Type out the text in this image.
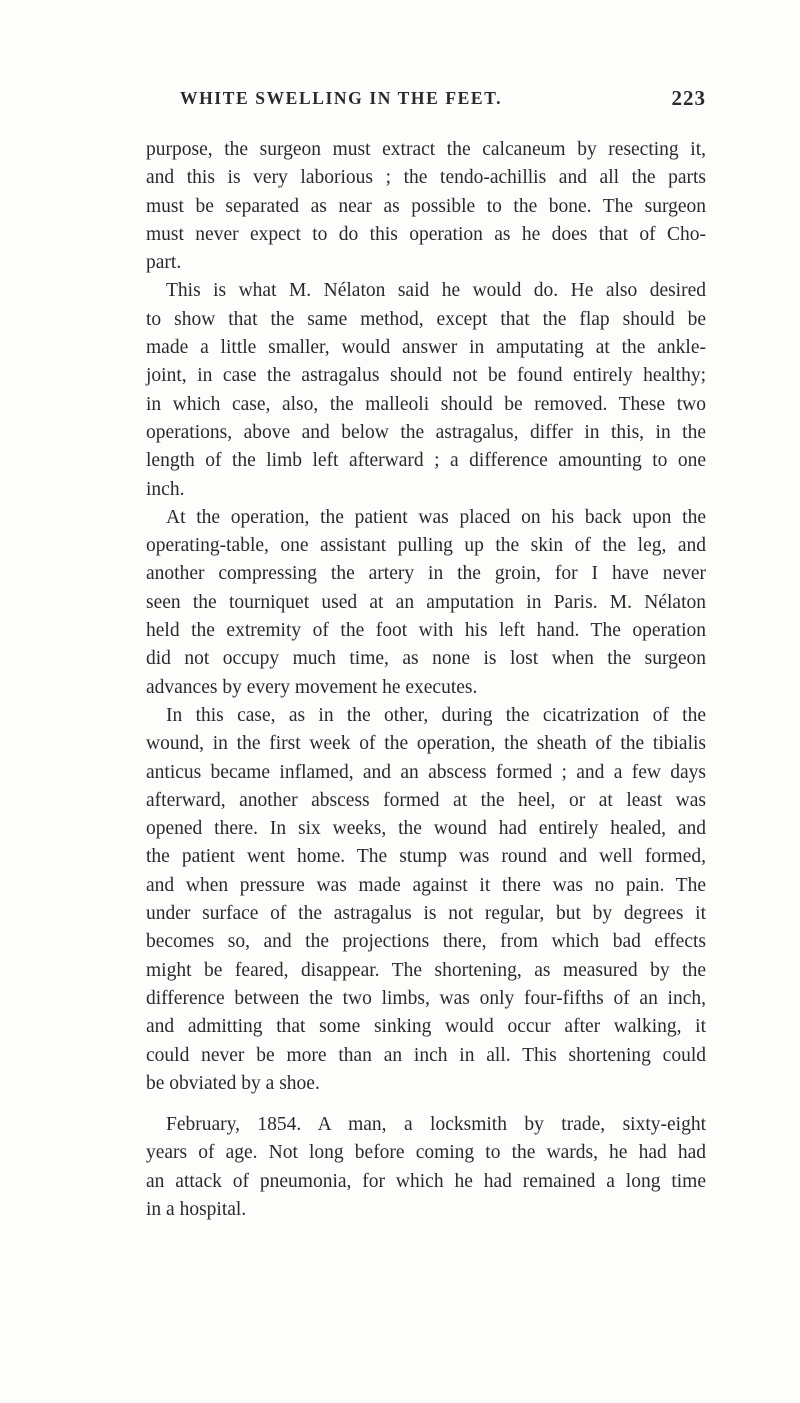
WHITE SWELLING IN THE FEET.	223
purpose, the surgeon must extract the calcaneum by resecting it,
and this is very laborious ; the tendo-achillis and all the parts
must be separated as near as possible to the bone. The surgeon
must never expect to do this operation as he does that of Cho-
part.
This is what M. Nélaton said he would do. He also desired
to show that the same method, except that the flap should be
made a little smaller, would answer in amputating at the ankle-
joint, in case the astragalus should not be found entirely healthy;
in which case, also, the malleoli should be removed. These two
operations, above and below the astragalus, differ in this, in the
length of the limb left afterward ; a difference amounting to one
inch.
At the operation, the patient was placed on his back upon the
operating-table, one assistant pulling up the skin of the leg, and
another compressing the artery in the groin, for I have never
seen the tourniquet used at an amputation in Paris. M. Nélaton
held the extremity of the foot with his left hand. The operation
did not occupy much time, as none is lost when the surgeon
advances by every movement he executes.
In this case, as in the other, during the cicatrization of the
wound, in the first week of the operation, the sheath of the tibialis
anticus became inflamed, and an abscess formed ; and a few days
afterward, another abscess formed at the heel, or at least was
opened there. In six weeks, the wound had entirely healed, and
the patient went home. The stump was round and well formed,
and when pressure was made against it there was no pain. The
under surface of the astragalus is not regular, but by degrees it
becomes so, and the projections there, from which bad effects
might be feared, disappear. The shortening, as measured by the
difference between the two limbs, was only four-fifths of an inch,
and admitting that some sinking would occur after walking, it
could never be more than an inch in all. This shortening could
be obviated by a shoe.
February, 1854. A man, a locksmith by trade, sixty-eight
years of age. Not long before coming to the wards, he had had
an attack of pneumonia, for which he had remained a long time
in a hospital.
